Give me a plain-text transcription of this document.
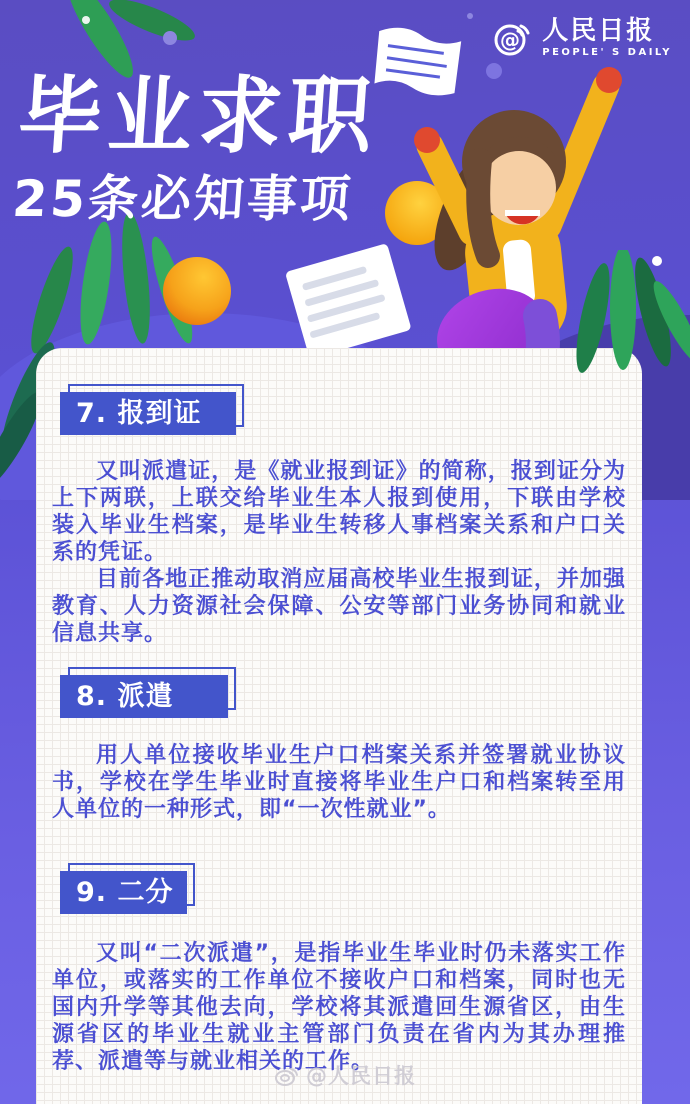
@ 人民日报
PEOPLE' S DAILY
毕业求职
25条必知事项
7. 报到证

又叫派遣证，是《就业报到证》的简称，报到证分为上下两联，上联交给毕业生本人报到使用，下联由学校装入毕业生档案，是毕业生转移人事档案关系和户口关系的凭证。

目前各地正推动取消应届高校毕业生报到证，并加强教育、人力资源社会保障、公安等部门业务协同和就业信息共享。

8. 派遣

用人单位接收毕业生户口档案关系并签署就业协议书，学校在学生毕业时直接将毕业生户口和档案转至用人单位的一种形式，即“一次性就业”。

9. 二分

又叫“二次派遣”，是指毕业生毕业时仍未落实工作单位，或落实的工作单位不接收户口和档案，同时也无国内升学等其他去向，学校将其派遣回生源省区，由生源省区的毕业生就业主管部门负责在省内为其办理推荐、派遣等与就业相关的工作。

@人民日报
